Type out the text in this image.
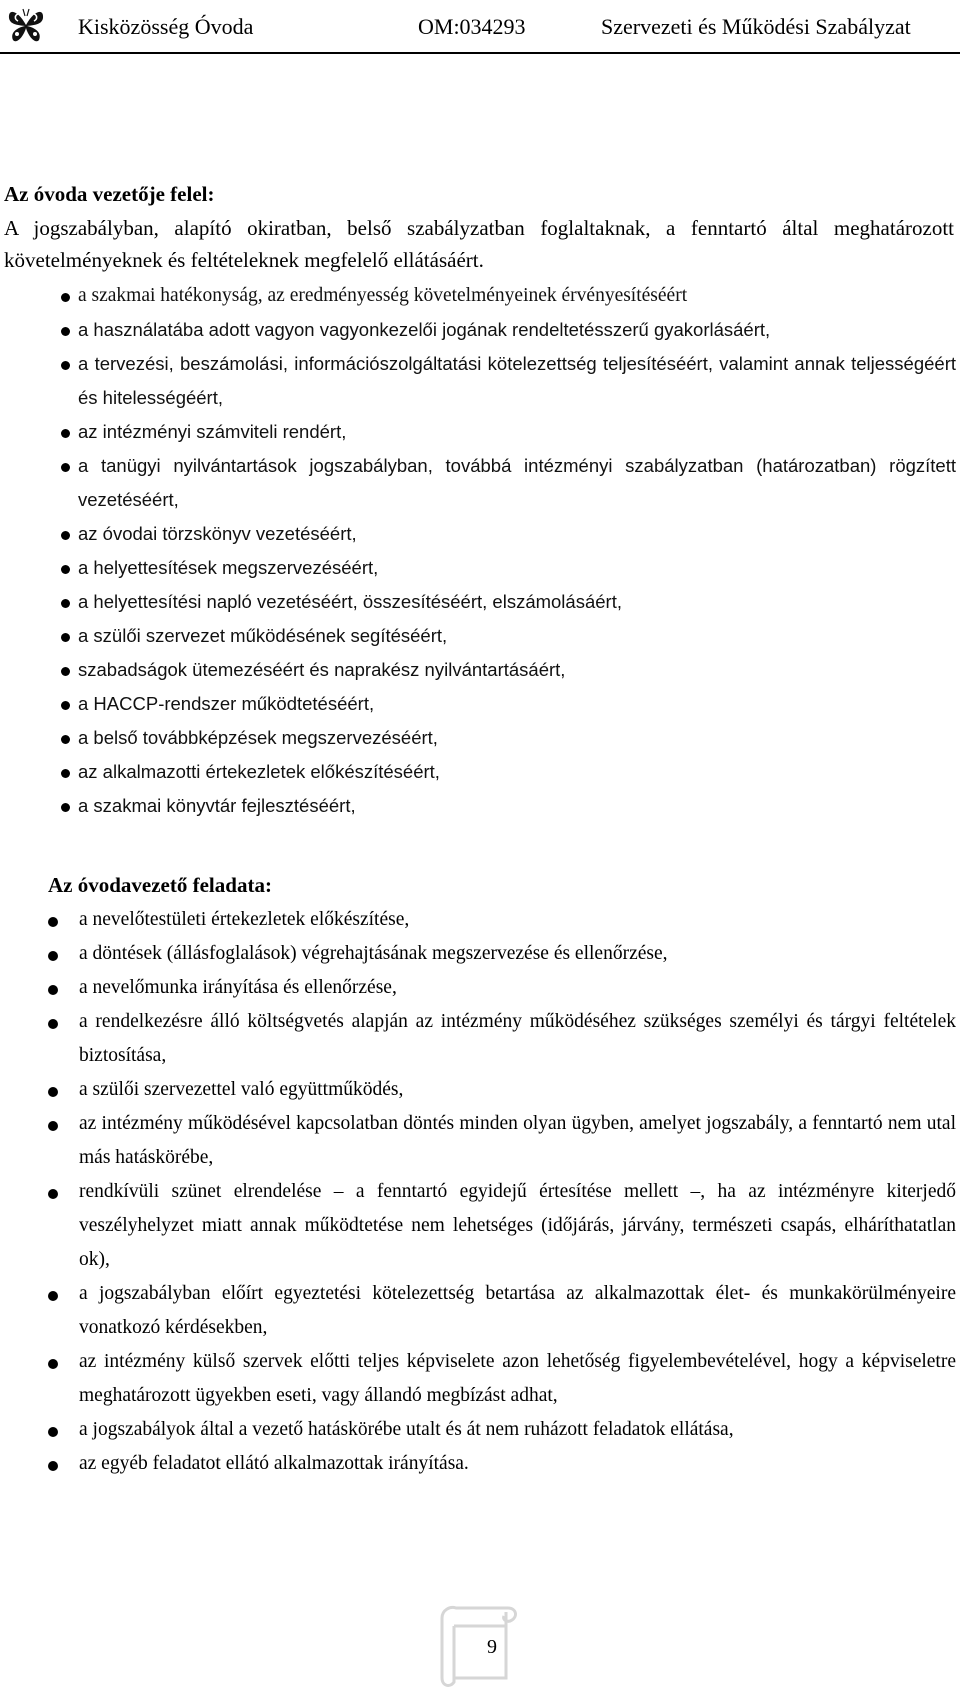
Kisközösség Óvoda	OM:034293	Szervezeti és Működési Szabályzat
Az óvoda vezetője felel:
A jogszabályban, alapító okiratban, belső szabályzatban foglaltaknak, a fenntartó által meghatározott követelményeknek és feltételeknek megfelelő ellátásáért.
a szakmai hatékonyság, az eredményesség követelményeinek érvényesítéséért
a használatába adott vagyon vagyonkezelői jogának rendeltetésszerű gyakorlásáért,
a tervezési, beszámolási, információszolgáltatási kötelezettség teljesítéséért, valamint annak teljességéért és hitelességéért,
az intézményi számviteli rendért,
a tanügyi nyilvántartások jogszabályban, továbbá intézményi szabályzatban (határozatban) rögzített vezetéséért,
az óvodai törzskönyv vezetéséért,
a helyettesítések megszervezéséért,
a helyettesítési napló vezetéséért, összesítéséért, elszámolásáért,
a szülői szervezet működésének segítéséért,
szabadságok ütemezéséért és naprakész nyilvántartásáért,
a HACCP-rendszer működtetéséért,
a belső továbbképzések megszervezéséért,
az alkalmazotti értekezletek előkészítéséért,
a szakmai könyvtár fejlesztéséért,
Az óvodavezető feladata:
a nevelőtestületi értekezletek előkészítése,
a döntések (állásfoglalások) végrehajtásának megszervezése és ellenőrzése,
a nevelőmunka irányítása és ellenőrzése,
a rendelkezésre álló költségvetés alapján az intézmény működéséhez szükséges személyi és tárgyi feltételek biztosítása,
a szülői szervezettel való együttműködés,
az intézmény működésével kapcsolatban döntés minden olyan ügyben, amelyet jogszabály, a fenntartó nem utal más hatáskörébe,
rendkívüli szünet elrendelése – a fenntartó egyidejű értesítése mellett –, ha az intézményre kiterjedő veszélyhelyzet miatt annak működtetése nem lehetséges (időjárás, járvány, természeti csapás, elháríthatatlan ok),
a jogszabályban előírt egyeztetési kötelezettség betartása az alkalmazottak élet- és munkakörülményeire vonatkozó kérdésekben,
az intézmény külső szervek előtti teljes képviselete azon lehetőség figyelembevételével, hogy a képviseletre meghatározott ügyekben eseti, vagy állandó megbízást adhat,
a jogszabályok által a vezető hatáskörébe utalt és át nem ruházott feladatok ellátása,
az egyéb feladatot ellátó alkalmazottak irányítása.
9
